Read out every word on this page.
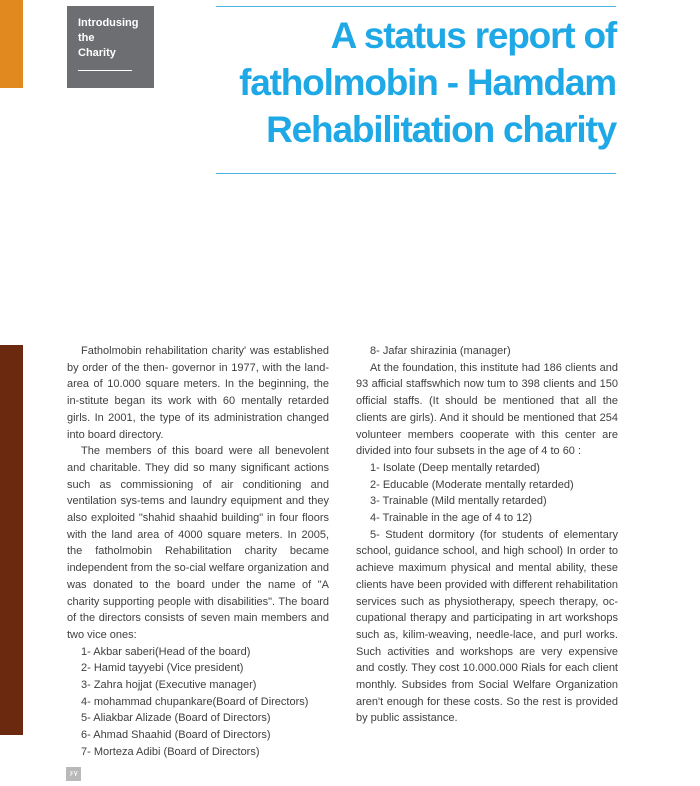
Introdusing
the
Charity	A status report of
fatholmobin - Hamdam
Rehabilitation charity

Fatholmobin rehabilitation charity' was established by order of the then- governor in 1977, with the land-area of 10.000 square meters. In the beginning, the in-stitute began its work with 60 mentally retarded girls. In 2001, the type of its administration changed into board directory.

The members of this board were all benevolent and charitable. They did so many significant actions such as commissioning of air conditioning and ventilation sys-tems and laundry equipment and they also exploited "shahid shaahid building" in four floors with the land area of 4000 square meters. In 2005, the fatholmobin Rehabilitation charity became independent from the so-cial welfare organization and was donated to the board under the name of "A charity supporting people with disabilities". The board of the directors consists of seven main members and two vice ones:

1- Akbar saberi(Head of the board)

2- Hamid tayyebi (Vice president)

3- Zahra hojjat (Executive manager)

4- mohammad chupankare(Board of Directors)

5- Aliakbar Alizade (Board of Directors)

6- Ahmad Shaahid (Board of Directors)

7- Morteza Adibi (Board of Directors)

8- Jafar shirazinia (manager)

At the foundation, this institute had 186 clients and 93 afficial staffswhich now tum to 398 clients and 150 official staffs. (It should be mentioned that all the clients are girls). And it should be mentioned that 254 volunteer members cooperate with this center are divided into four subsets in the age of 4 to 60 :

1- Isolate (Deep mentally retarded)

2- Educable (Moderate mentally retarded)

3- Trainable (Mild mentally retarded)

4- Trainable in the age of 4 to 12)

5- Student dormitory (for students of elementary school, guidance school, and high school) In order to achieve maximum physical and mental ability, these clients have been provided with different rehabilitation services such as physiotherapy, speech therapy, oc-cupational therapy and participating in art workshops such as, kilim-weaving, needle-lace, and purl works. Such activities and workshops are very expensive and costly. They cost 10.000.000 Rials for each client monthly. Subsides from Social Welfare Organization aren't enough for these costs. So the rest is provided by public assistance.

۶۷
